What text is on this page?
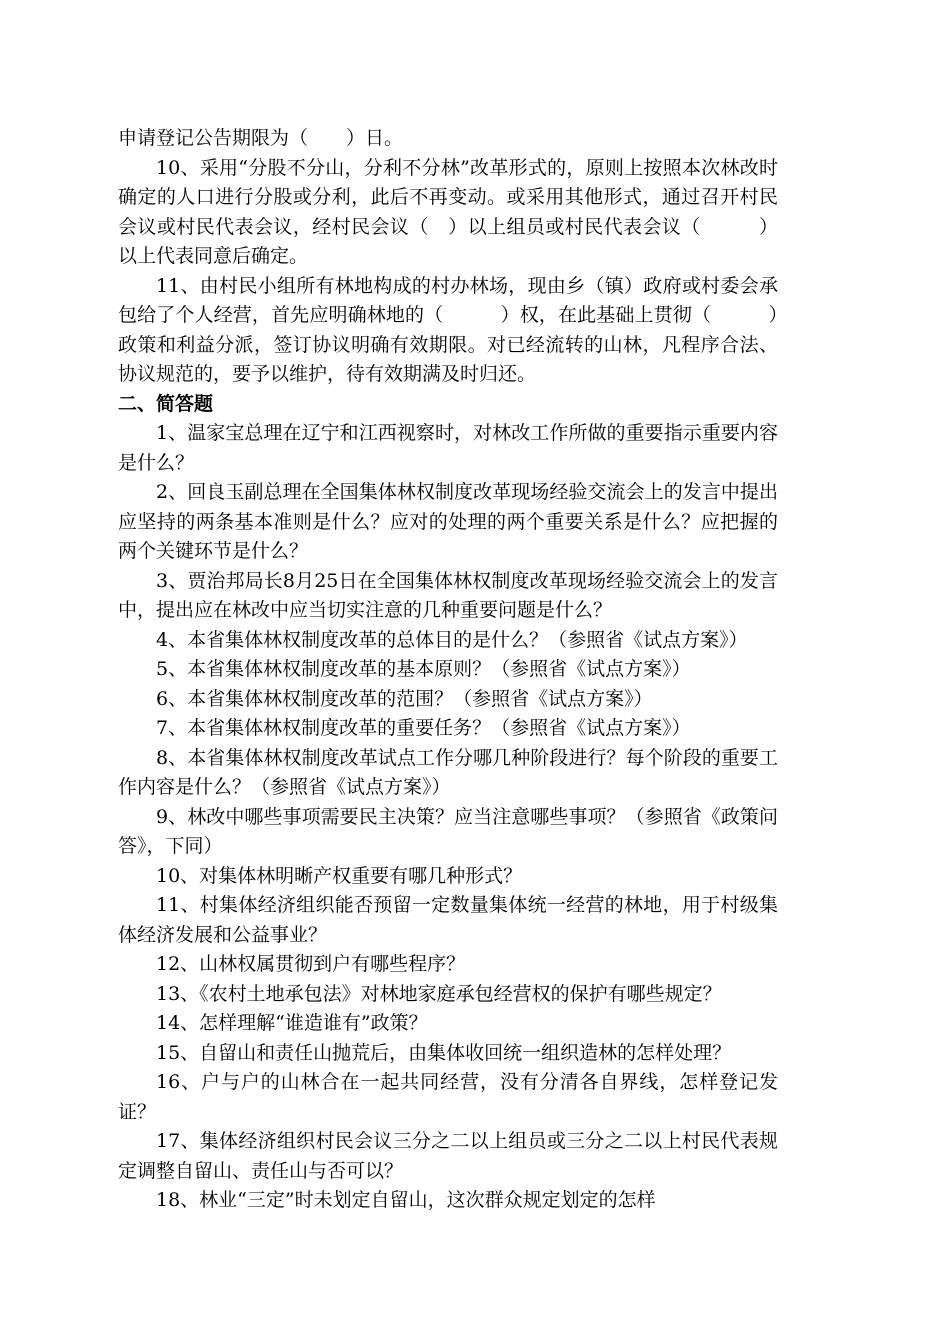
申请登记公告期限为（　　）日。

10、采用“分股不分山，分利不分林”改革形式的，原则上按照本次林改时确定的人口进行分股或分利，此后不再变动。或采用其他形式，通过召开村民会议或村民代表会议，经村民会议（　）以上组员或村民代表会议（　　　）以上代表同意后确定。

11、由村民小组所有林地构成的村办林场，现由乡（镇）政府或村委会承包给了个人经营，首先应明确林地的（　　　）权，在此基础上贯彻（　　　）政策和利益分派，签订协议明确有效期限。对已经流转的山林，凡程序合法、协议规范的，要予以维护，待有效期满及时归还。

二、简答题

1、温家宝总理在辽宁和江西视察时，对林改工作所做的重要指示重要内容是什么？

2、回良玉副总理在全国集体林权制度改革现场经验交流会上的发言中提出应坚持的两条基本准则是什么？应对的处理的两个重要关系是什么？应把握的两个关键环节是什么？

3、贾治邦局长8月25日在全国集体林权制度改革现场经验交流会上的发言中，提出应在林改中应当切实注意的几种重要问题是什么？

4、本省集体林权制度改革的总体目的是什么？（参照省《试点方案》）

5、本省集体林权制度改革的基本原则？（参照省《试点方案》）

6、本省集体林权制度改革的范围？（参照省《试点方案》）

7、本省集体林权制度改革的重要任务？（参照省《试点方案》）

8、本省集体林权制度改革试点工作分哪几种阶段进行？每个阶段的重要工作内容是什么？（参照省《试点方案》）

9、林改中哪些事项需要民主决策？应当注意哪些事项？（参照省《政策问答》，下同）

10、对集体林明晰产权重要有哪几种形式？

11、村集体经济组织能否预留一定数量集体统一经营的林地，用于村级集体经济发展和公益事业？

12、山林权属贯彻到户有哪些程序？

13、《农村土地承包法》对林地家庭承包经营权的保护有哪些规定？

14、怎样理解“谁造谁有”政策？

15、自留山和责任山抛荒后，由集体收回统一组织造林的怎样处理？

16、户与户的山林合在一起共同经营，没有分清各自界线，怎样登记发证？

17、集体经济组织村民会议三分之二以上组员或三分之二以上村民代表规定调整自留山、责任山与否可以？

18、林业“三定”时未划定自留山，这次群众规定划定的怎样
